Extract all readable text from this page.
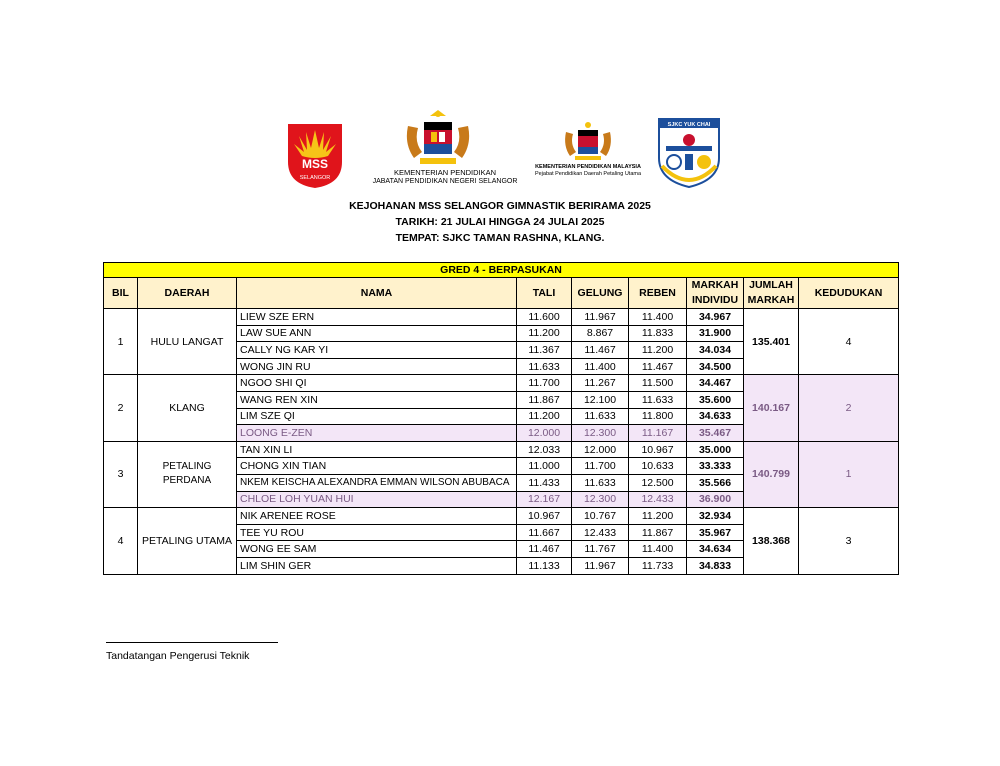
MSS
SELANGOR
KEMENTERIAN PENDIDIKAN
JABATAN PENDIDIKAN NEGERI SELANGOR
KEMENTERIAN PENDIDIKAN MALAYSIA
Pejabat Pendidikan Daerah Petaling Utama
SJKC YUK CHAI
KEJOHANAN MSS SELANGOR GIMNASTIK BERIRAMA 2025
TARIKH: 21 JULAI HINGGA 24 JULAI 2025
TEMPAT: SJKC TAMAN RASHNA, KLANG.
GRED 4 - BERPASUKAN								
BIL	DAERAH	NAMA	TALI	GELUNG	REBEN	MARKAH INDIVIDU	JUMLAH MARKAH	KEDUDUKAN

1	HULU LANGAT	LIEW SZE ERN	11.600	11.967	11.400	34.967	135.401	4
		LAW SUE ANN	11.200	8.867	11.833	31.900		
		CALLY NG KAR YI	11.367	11.467	11.200	34.034		
		WONG JIN RU	11.633	11.400	11.467	34.500		
2	KLANG	NGOO SHI QI	11.700	11.267	11.500	34.467	140.167	2
		WANG REN XIN	11.867	12.100	11.633	35.600		
		LIM SZE QI	11.200	11.633	11.800	34.633		
		LOONG E-ZEN	12.000	12.300	11.167	35.467		
3	PETALING PERDANA	TAN XIN LI	12.033	12.000	10.967	35.000	140.799	1
		CHONG XIN TIAN	11.000	11.700	10.633	33.333		
		NKEM KEISCHA ALEXANDRA EMMAN WILSON ABUBACA	11.433	11.633	12.500	35.566		
		CHLOE LOH YUAN HUI	12.167	12.300	12.433	36.900		
4	PETALING UTAMA	NIK ARENEE ROSE	10.967	10.767	11.200	32.934	138.368	3
		TEE YU ROU	11.667	12.433	11.867	35.967		
		WONG EE SAM	11.467	11.767	11.400	34.634		
		LIM SHIN GER	11.133	11.967	11.733	34.833		
Tandatangan Pengerusi Teknik
